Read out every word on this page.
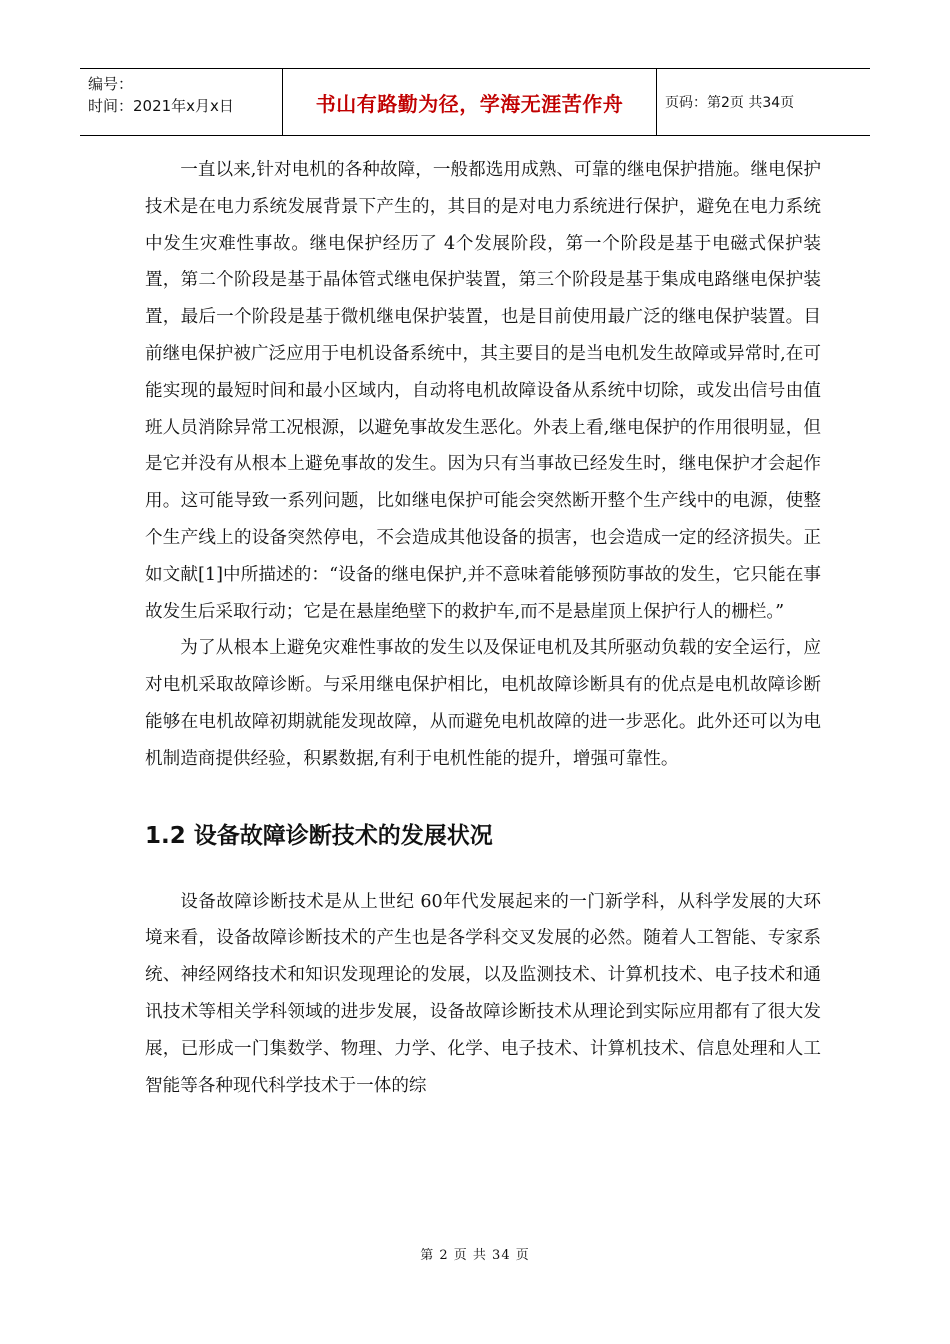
编号：
时间：2021年x月x日	书山有路勤为径，学海无涯苦作舟	页码：第2页 共34页

一直以来,针对电机的各种故障，一般都选用成熟、可靠的继电保护措施。继电保护技术是在电力系统发展背景下产生的，其目的是对电力系统进行保护，避免在电力系统中发生灾难性事故。继电保护经历了 4个发展阶段，第一个阶段是基于电磁式保护装置，第二个阶段是基于晶体管式继电保护装置，第三个阶段是基于集成电路继电保护装置，最后一个阶段是基于微机继电保护装置，也是目前使用最广泛的继电保护装置。目前继电保护被广泛应用于电机设备系统中，其主要目的是当电机发生故障或异常时,在可能实现的最短时间和最小区域内，自动将电机故障设备从系统中切除，或发出信号由值班人员消除异常工况根源，以避免事故发生恶化。外表上看,继电保护的作用很明显，但是它并没有从根本上避免事故的发生。因为只有当事故已经发生时，继电保护才会起作用。这可能导致一系列问题，比如继电保护可能会突然断开整个生产线中的电源，使整个生产线上的设备突然停电，不会造成其他设备的损害，也会造成一定的经济损失。正如文献[1]中所描述的：“设备的继电保护,并不意味着能够预防事故的发生，它只能在事故发生后采取行动；它是在悬崖绝壁下的救护车,而不是悬崖顶上保护行人的栅栏。”

为了从根本上避免灾难性事故的发生以及保证电机及其所驱动负载的安全运行，应对电机采取故障诊断。与采用继电保护相比，电机故障诊断具有的优点是电机故障诊断能够在电机故障初期就能发现故障，从而避免电机故障的进一步恶化。此外还可以为电机制造商提供经验，积累数据,有利于电机性能的提升，增强可靠性。

1.2 设备故障诊断技术的发展状况

设备故障诊断技术是从上世纪 60年代发展起来的一门新学科，从科学发展的大环境来看，设备故障诊断技术的产生也是各学科交叉发展的必然。随着人工智能、专家系统、神经网络技术和知识发现理论的发展，以及监测技术、计算机技术、电子技术和通讯技术等相关学科领域的进步发展，设备故障诊断技术从理论到实际应用都有了很大发展，已形成一门集数学、物理、力学、化学、电子技术、计算机技术、信息处理和人工智能等各种现代科学技术于一体的综

第 2 页 共 34 页
